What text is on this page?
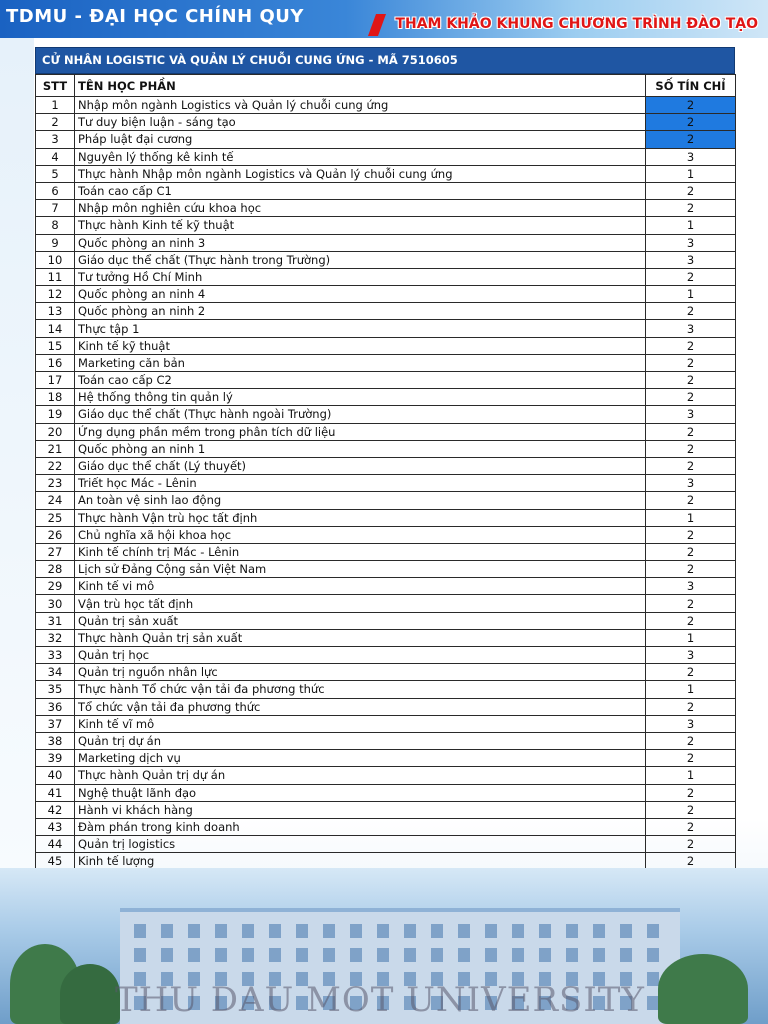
TDMU - ĐẠI HỌC CHÍNH QUY	THAM KHẢO KHUNG CHƯƠNG TRÌNH ĐÀO TẠO
CỬ NHÂN LOGISTIC VÀ QUẢN LÝ CHUỖI CUNG ỨNG - MÃ 7510605
STT	TÊN HỌC PHẦN	SỐ TÍN CHỈ
1	Nhập môn ngành Logistics và Quản lý chuỗi cung ứng	2
2	Tư duy biện luận - sáng tạo	2
3	Pháp luật đại cương	2
4	Nguyên lý thống kê kinh tế	3
5	Thực hành Nhập môn ngành Logistics và Quản lý chuỗi cung ứng	1
6	Toán cao cấp C1	2
7	Nhập môn nghiên cứu khoa học	2
8	Thực hành Kinh tế kỹ thuật	1
9	Quốc phòng an ninh 3	3
10	Giáo dục thể chất (Thực hành trong Trường)	3
11	Tư tưởng Hồ Chí Minh	2
12	Quốc phòng an ninh 4	1
13	Quốc phòng an ninh 2	2
14	Thực tập 1	3
15	Kinh tế kỹ thuật	2
16	Marketing căn bản	2
17	Toán cao cấp C2	2
18	Hệ thống thông tin quản lý	2
19	Giáo dục thể chất (Thực hành ngoài Trường)	3
20	Ứng dụng phần mềm trong phân tích dữ liệu	2
21	Quốc phòng an ninh 1	2
22	Giáo dục thể chất (Lý thuyết)	2
23	Triết học Mác - Lênin	3
24	An toàn vệ sinh lao động	2
25	Thực hành Vận trù học tất định	1
26	Chủ nghĩa xã hội khoa học	2
27	Kinh tế chính trị Mác - Lênin	2
28	Lịch sử Đảng Cộng sản Việt Nam	2
29	Kinh tế vi mô	3
30	Vận trù học tất định	2
31	Quản trị sản xuất	2
32	Thực hành Quản trị sản xuất	1
33	Quản trị học	3
34	Quản trị nguồn nhân lực	2
35	Thực hành Tổ chức vận tải đa phương thức	1
36	Tổ chức vận tải đa phương thức	2
37	Kinh tế vĩ mô	3
38	Quản trị dự án	2
39	Marketing dịch vụ	2
40	Thực hành Quản trị dự án	1
41	Nghệ thuật lãnh đạo	2
42	Hành vi khách hàng	2
43	Đàm phán trong kinh doanh	2
44	Quản trị logistics	2
45	Kinh tế lượng	2
THU DAU MOT UNIVERSITY
